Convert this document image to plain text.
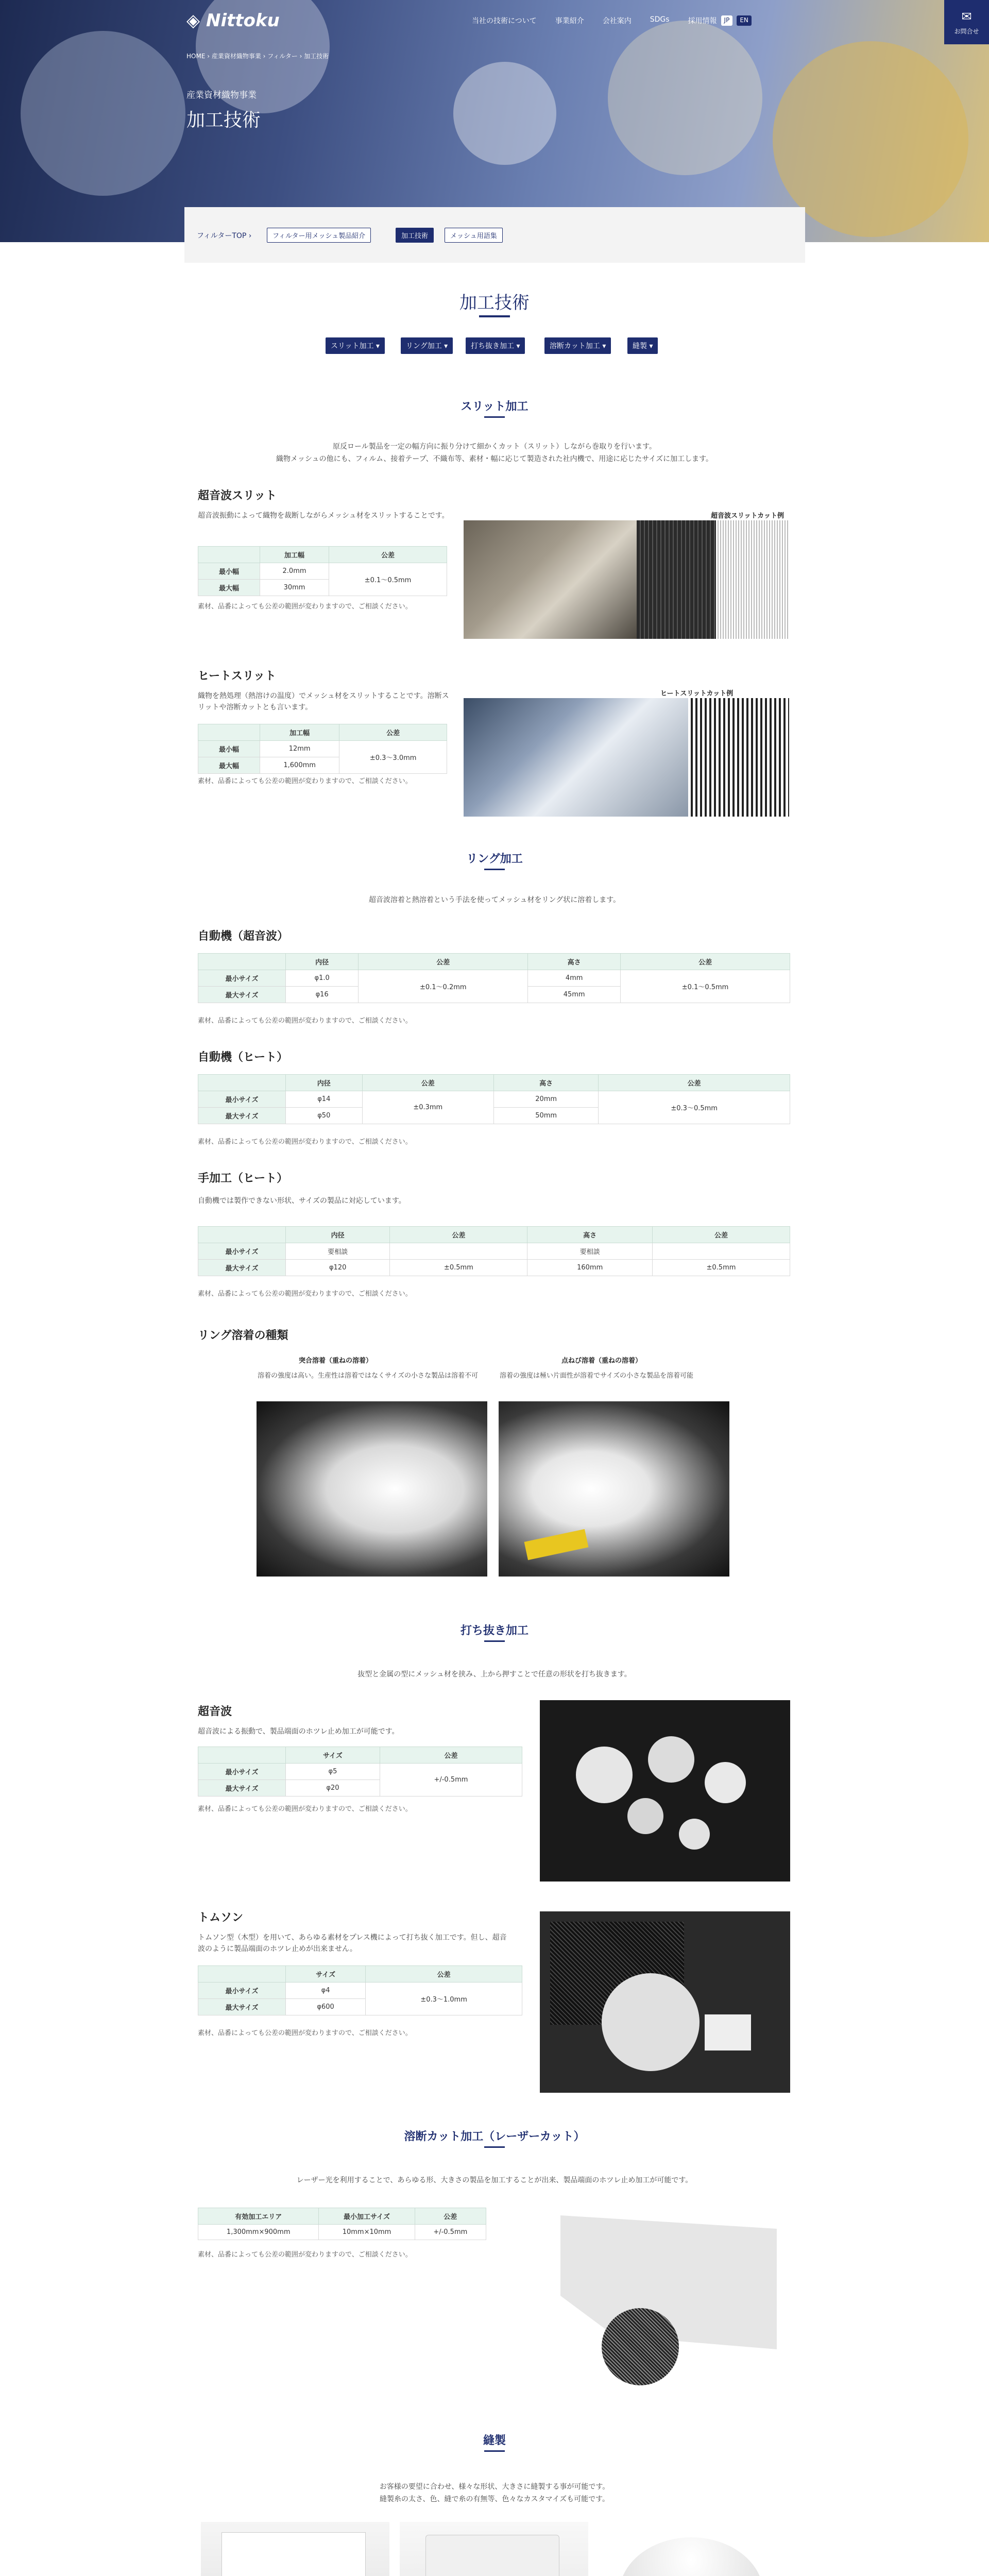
◈ Nittoku	当社の技術について	事業紹介	会社案内	SDGs	採用情報	JP	EN	✉
お問合せ
HOME › 産業資材織物事業 › フィルター › 加工技術
産業資材織物事業
加工技術
フィルターTOP ›	フィルター用メッシュ製品紹介	加工技術	メッシュ用語集
加工技術
スリット加工 ▾	リング加工 ▾	打ち抜き加工 ▾	溶断カット加工 ▾	縫製 ▾
スリット加工
原反ロール製品を一定の幅方向に振り分けて細かくカット（スリット）しながら巻取りを行います。
織物メッシュの他にも、フィルム、接着テープ、不織布等、素材・幅に応じて製造された社内機で、用途に応じたサイズに加工します。
超音波スリット
超音波振動によって織物を裁断しながらメッシュ材をスリットすることです。
	加工幅	公差
最小幅	2.0mm	±0.1〜0.5mm
最大幅	30mm	
素材、品番によっても公差の範囲が変わりますので、ご相談ください。
超音波スリットカット例
ヒートスリット
織物を熱処理（熱溶けの温度）でメッシュ材をスリットすることです。溶断スリットや溶断カットとも言います。
	加工幅	公差
最小幅	12mm	±0.3〜3.0mm
最大幅	1,600mm	
素材、品番によっても公差の範囲が変わりますので、ご相談ください。
ヒートスリットカット例
リング加工
超音波溶着と熱溶着という手法を使ってメッシュ材をリング状に溶着します。
自動機（超音波）
	内径	公差	高さ	公差
最小サイズ	φ1.0	±0.1〜0.2mm	4mm	±0.1〜0.5mm
最大サイズ	φ16		45mm	
素材、品番によっても公差の範囲が変わりますので、ご相談ください。
自動機（ヒート）
	内径	公差	高さ	公差
最小サイズ	φ14	±0.3mm	20mm	±0.3〜0.5mm
最大サイズ	φ50		50mm	
素材、品番によっても公差の範囲が変わりますので、ご相談ください。
手加工（ヒート）
自動機では製作できない形状、サイズの製品に対応しています。
	内径	公差	高さ	公差
最小サイズ	要相談		要相談	
最大サイズ	φ120	±0.5mm	160mm	±0.5mm
素材、品番によっても公差の範囲が変わりますので、ご相談ください。
リング溶着の種類
突合溶着（重ねの溶着）
溶着の強度は高い。生産性は溶着ではなくサイズの小さな製品は溶着不可
点ねび溶着（重ねの溶着）
溶着の強度は極い片面性が溶着でサイズの小さな製品を溶着可能
打ち抜き加工
抜型と金属の型にメッシュ材を挟み、上から押すことで任意の形状を打ち抜きます。
超音波
超音波による振動で、製品端面のホツレ止め加工が可能です。
	サイズ	公差
最小サイズ	φ5	+/-0.5mm
最大サイズ	φ20	
素材、品番によっても公差の範囲が変わりますので、ご相談ください。
トムソン
トムソン型（木型）を用いて、あらゆる素材をプレス機によって打ち抜く加工です。但し、超音波のように製品端面のホツレ止めが出来ません。
	サイズ	公差
最小サイズ	φ4	±0.3〜1.0mm
最大サイズ	φ600	
素材、品番によっても公差の範囲が変わりますので、ご相談ください。
溶断カット加工（レーザーカット）
レーザー光を利用することで、あらゆる形、大きさの製品を加工することが出来、製品端面のホツレ止め加工が可能です。
有効加工エリア	最小加工サイズ	公差
1,300mm×900mm	10mm×10mm	+/-0.5mm
素材、品番によっても公差の範囲が変わりますので、ご相談ください。
縫製
お客様の要望に合わせ、様々な形状、大きさに縫製する事が可能です。
縫製糸の太さ、色、縫で糸の有無等、色々なカスタマイズも可能です。
